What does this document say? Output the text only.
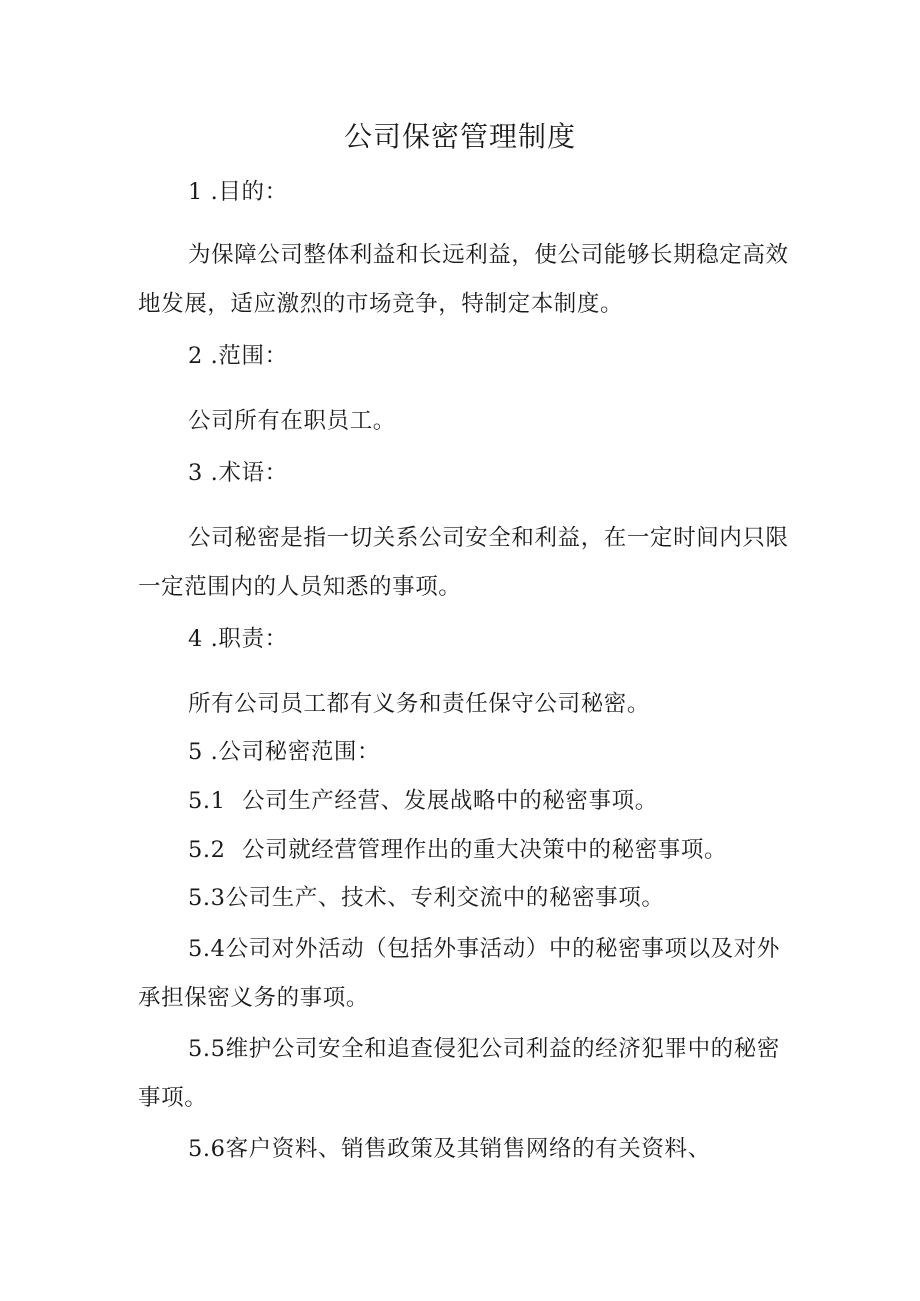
公司保密管理制度
1 .目的：
为保障公司整体利益和长远利益，使公司能够长期稳定高效
地发展，适应激烈的市场竞争，特制定本制度。
2 .范围：
公司所有在职员工。
3 .术语：
公司秘密是指一切关系公司安全和利益，在一定时间内只限
一定范围内的人员知悉的事项。
4 .职责：
所有公司员工都有义务和责任保守公司秘密。
5 .公司秘密范围：
5.1 公司生产经营、发展战略中的秘密事项。
5.2 公司就经营管理作出的重大决策中的秘密事项。
5.3公司生产、技术、专利交流中的秘密事项。
5.4公司对外活动（包括外事活动）中的秘密事项以及对外
承担保密义务的事项。
5.5维护公司安全和追查侵犯公司利益的经济犯罪中的秘密
事项。
5.6客户资料、销售政策及其销售网络的有关资料、
